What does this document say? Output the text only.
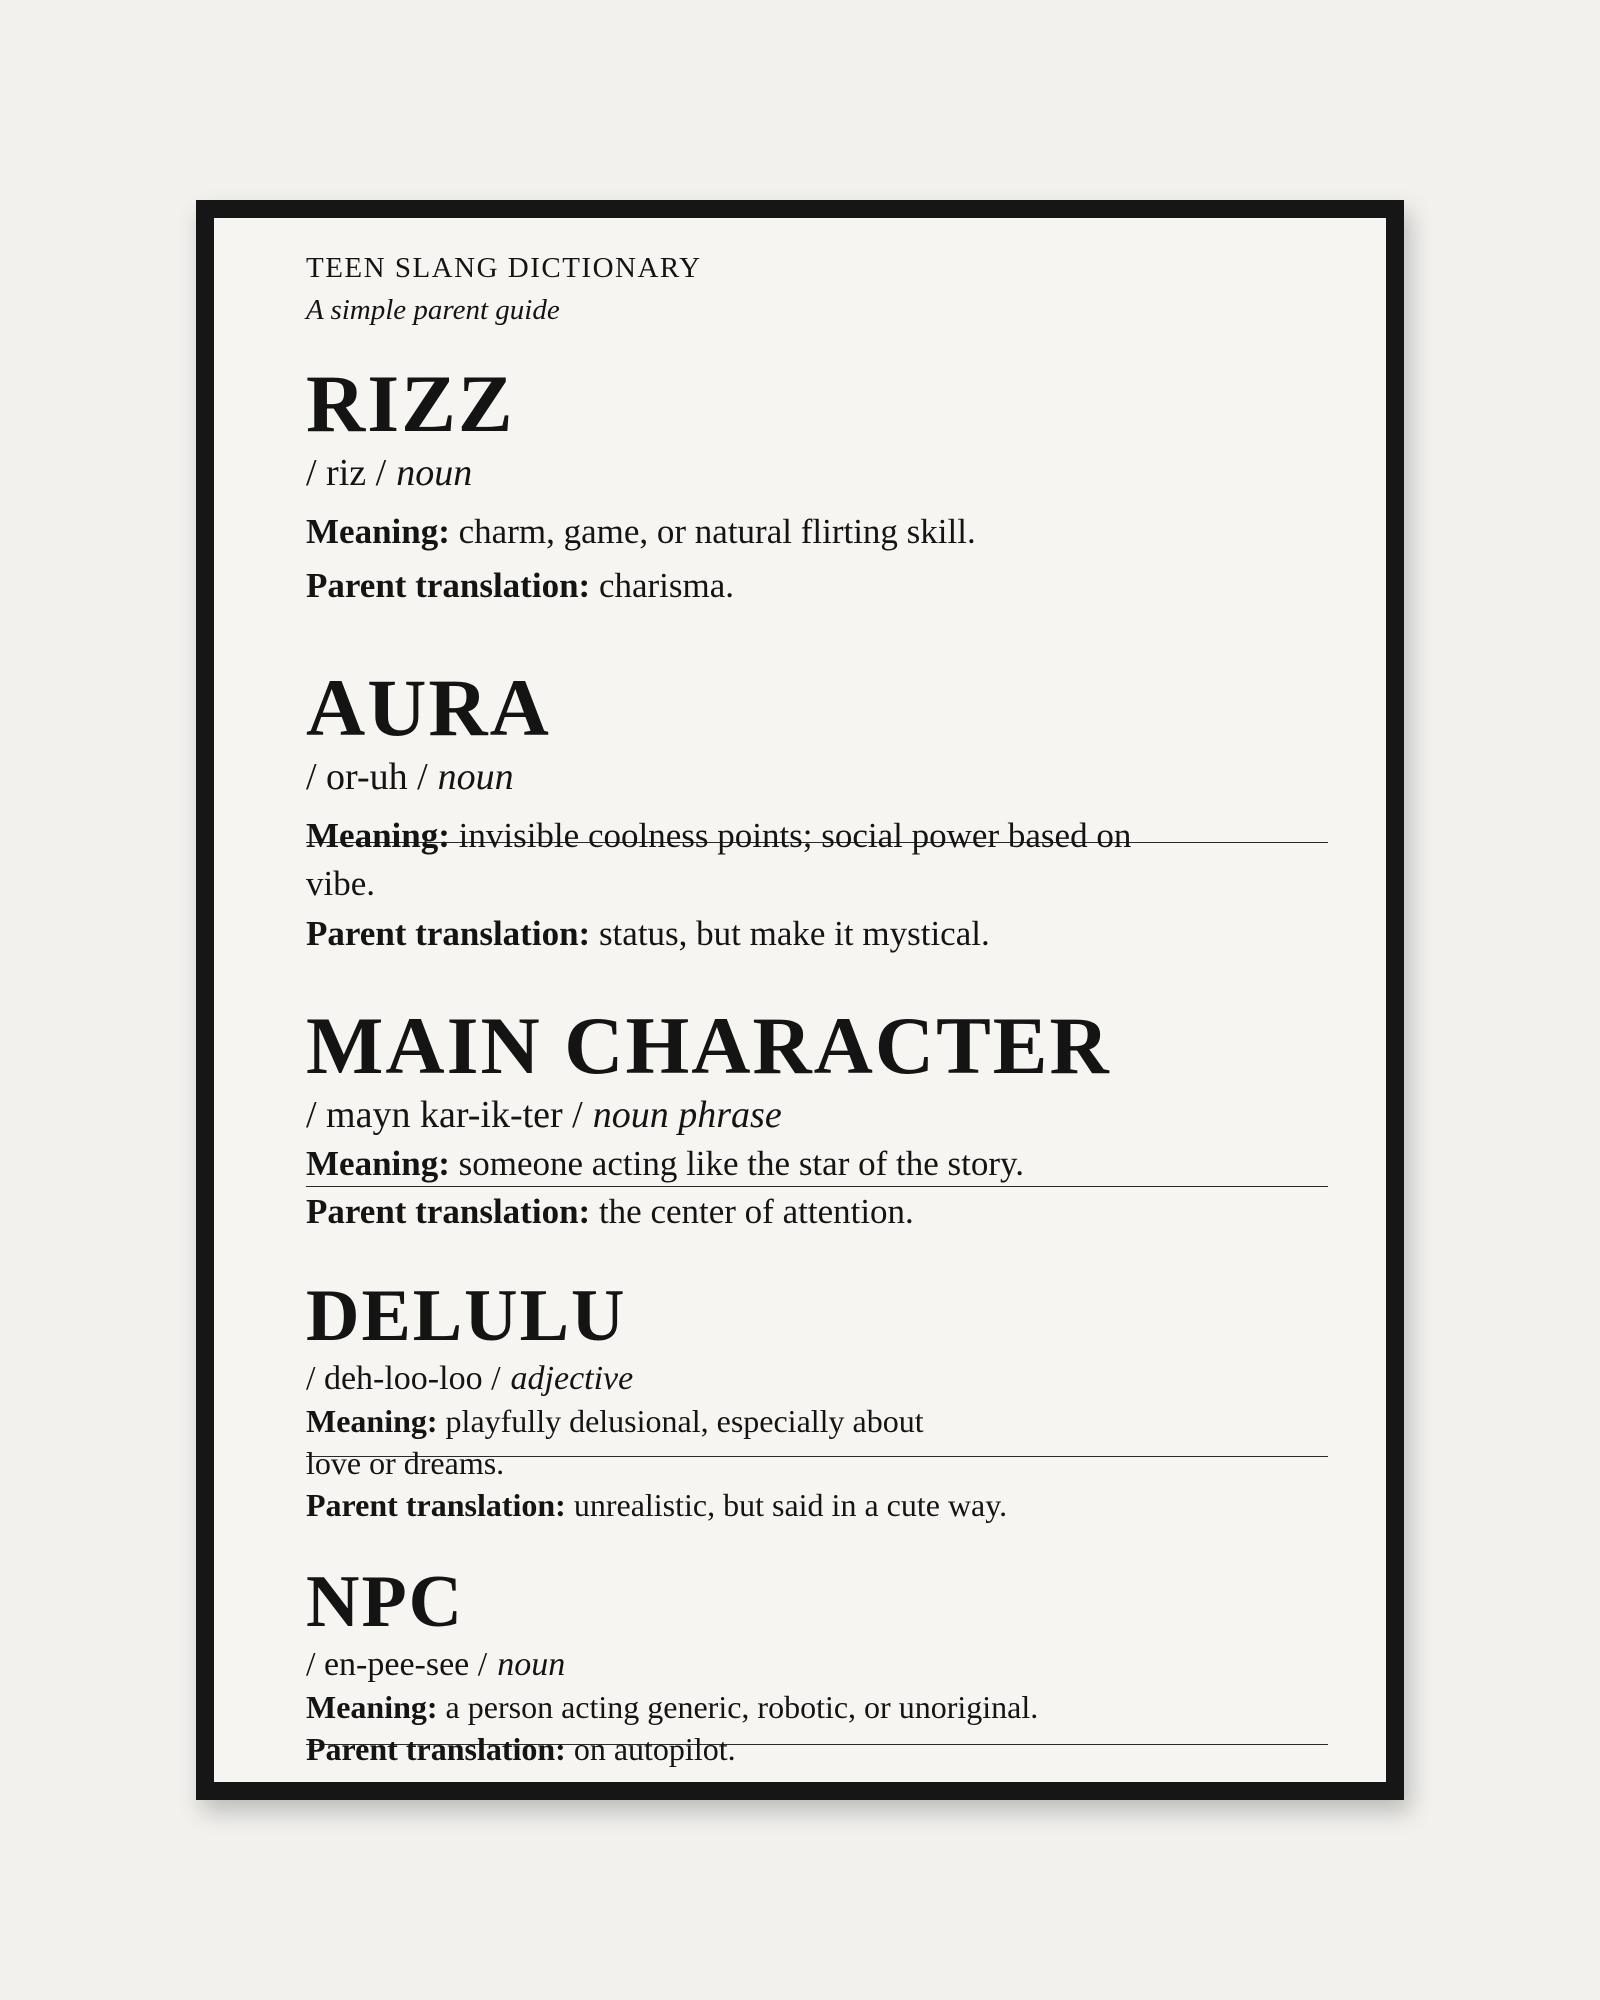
TEEN SLANG DICTIONARY
A simple parent guide
RIZZ
/ riz / noun
Meaning: charm, game, or natural flirting skill.
Parent translation: charisma.
AURA
/ or-uh / noun
Meaning: invisible coolness points; social power based on vibe.
Parent translation: status, but make it mystical.
MAIN CHARACTER
/ mayn kar-ik-ter / noun phrase
Meaning: someone acting like the star of the story.
Parent translation: the center of attention.
DELULU
/ deh-loo-loo / adjective
Meaning: playfully delusional, especially about love or dreams.
Parent translation: unrealistic, but said in a cute way.
NPC
/ en-pee-see / noun
Meaning: a person acting generic, robotic, or unoriginal.
Parent translation: on autopilot.
